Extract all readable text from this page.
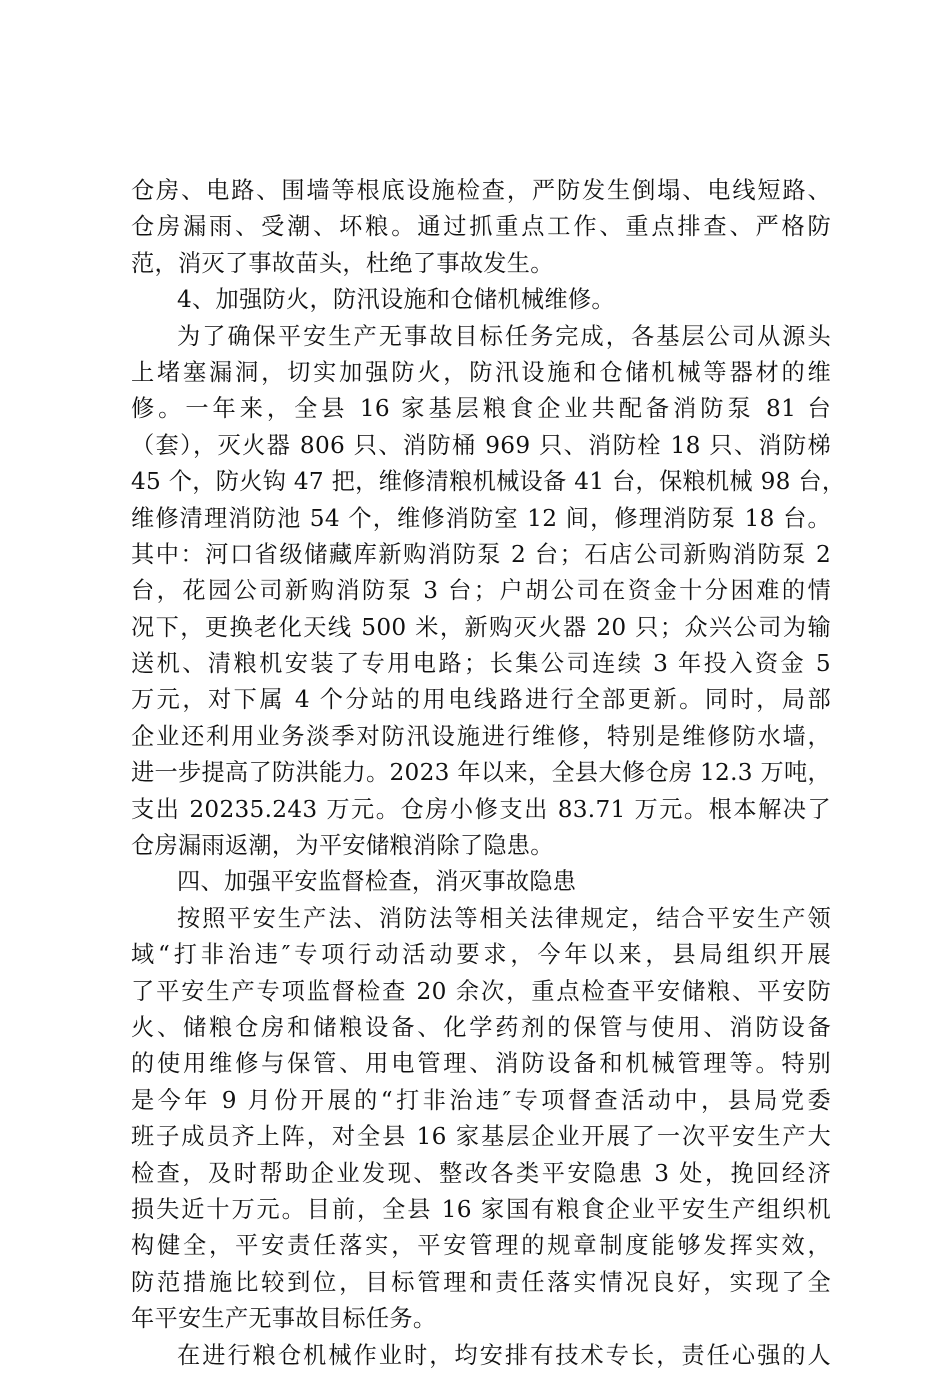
仓房、电路、围墙等根底设施检查，严防发生倒塌、电线短路、
仓房漏雨、受潮、坏粮。通过抓重点工作、重点排查、严格防
范，消灭了事故苗头，杜绝了事故发生。
4、加强防火，防汛设施和仓储机械维修。
为了确保平安生产无事故目标任务完成，各基层公司从源头
上堵塞漏洞，切实加强防火，防汛设施和仓储机械等器材的维
修。一年来，全县 16 家基层粮食企业共配备消防泵 81 台
（套），灭火器 806 只、消防桶 969 只、消防栓 18 只、消防梯
45 个，防火钩 47 把，维修清粮机械设备 41 台，保粮机械 98 台，
维修清理消防池 54 个，维修消防室 12 间，修理消防泵 18 台。
其中：河口省级储藏库新购消防泵 2 台；石店公司新购消防泵 2
台，花园公司新购消防泵 3 台；户胡公司在资金十分困难的情
况下，更换老化天线 500 米，新购灭火器 20 只；众兴公司为输
送机、清粮机安装了专用电路；长集公司连续 3 年投入资金 5
万元，对下属 4 个分站的用电线路进行全部更新。同时，局部
企业还利用业务淡季对防汛设施进行维修，特别是维修防水墙，
进一步提高了防洪能力。2023 年以来，全县大修仓房 12.3 万吨，
支出 20235.243 万元。仓房小修支出 83.71 万元。根本解决了
仓房漏雨返潮，为平安储粮消除了隐患。
四、加强平安监督检查，消灭事故隐患
按照平安生产法、消防法等相关法律规定，结合平安生产领
域“打非治违″专项行动活动要求，今年以来，县局组织开展
了平安生产专项监督检查 20 余次，重点检查平安储粮、平安防
火、储粮仓房和储粮设备、化学药剂的保管与使用、消防设备
的使用维修与保管、用电管理、消防设备和机械管理等。特别
是今年 9 月份开展的“打非治违″专项督查活动中，县局党委
班子成员齐上阵，对全县 16 家基层企业开展了一次平安生产大
检查，及时帮助企业发现、整改各类平安隐患 3 处，挽回经济
损失近十万元。目前，全县 16 家国有粮食企业平安生产组织机
构健全，平安责任落实，平安管理的规章制度能够发挥实效，
防范措施比较到位，目标管理和责任落实情况良好，实现了全
年平安生产无事故目标任务。
在进行粮仓机械作业时，均安排有技术专长，责任心强的人
